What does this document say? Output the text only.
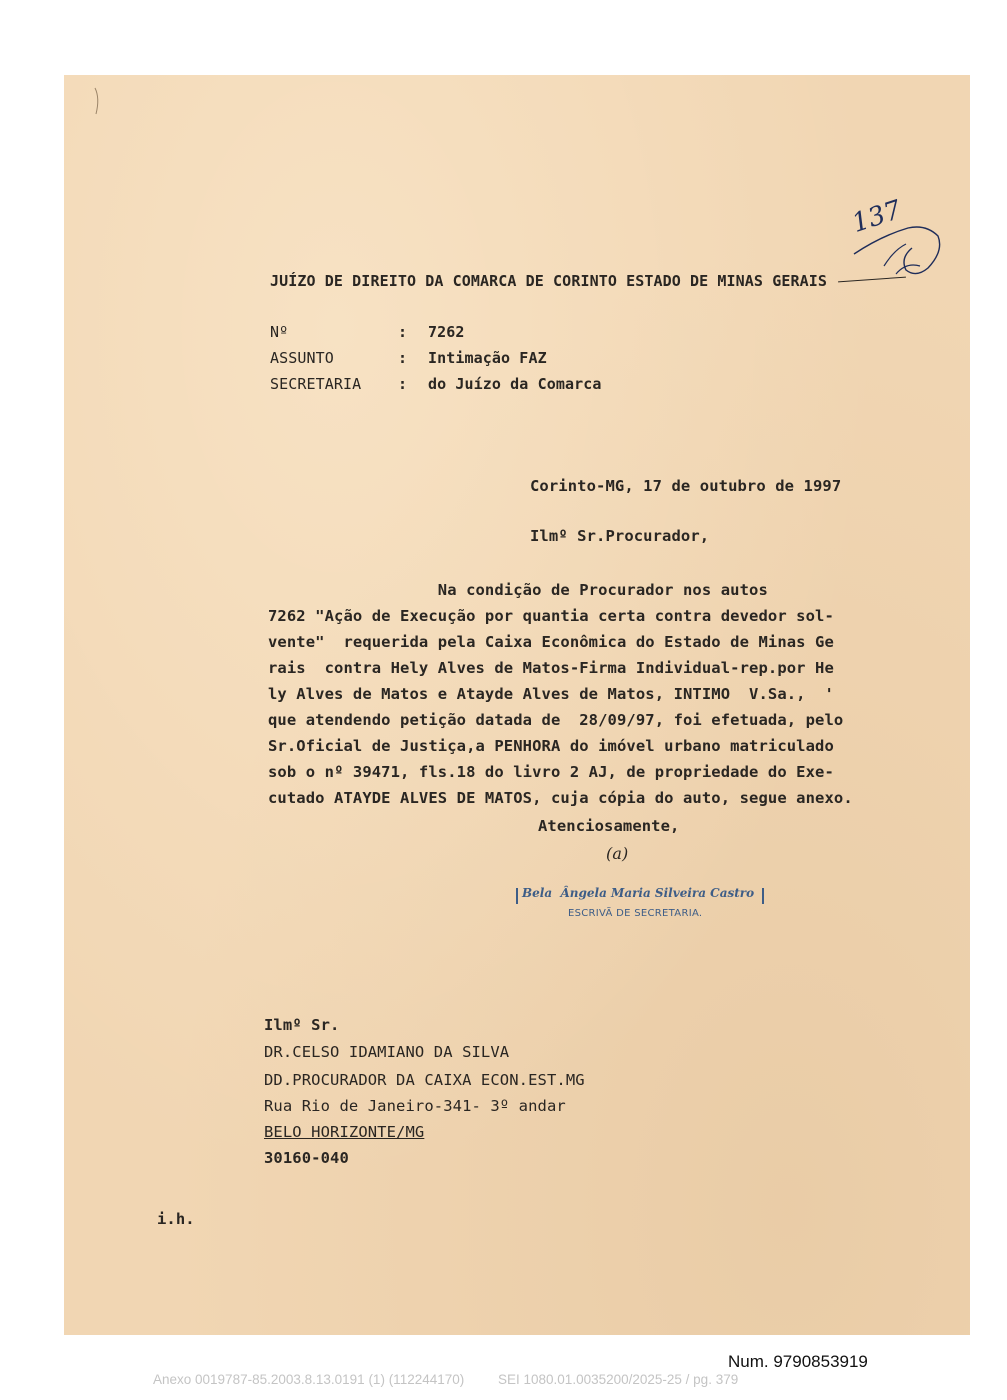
JUÍZO DE DIREITO DA COMARCA DE CORINTO ESTADO DE MINAS GERAIS
137
Nº	: 7262
ASSUNTO	: Intimação FAZ
SECRETARIA : do Juízo da Comarca
Corinto-MG, 17 de outubro de 1997
Ilmº Sr.Procurador,
Na condição de Procurador nos autos
7262 "Ação de Execução por quantia certa contra devedor sol-
vente"  requerida pela Caixa Econômica do Estado de Minas Ge
rais  contra Hely Alves de Matos-Firma Individual-rep.por He
ly Alves de Matos e Atayde Alves de Matos, INTIMO  V.Sa.,  '
que atendendo petição datada de  28/09/97, foi efetuada, pelo
Sr.Oficial de Justiça,a PENHORA do imóvel urbano matriculado
sob o nº 39471, fls.18 do livro 2 AJ, de propriedade do Exe-
cutado ATAYDE ALVES DE MATOS, cuja cópia do auto, segue anexo.
Atenciosamente,
(a)
Bela  Ângela Maria Silveira Castro
ESCRIVÃ DE SECRETARIA.
Ilmº Sr.
DR.CELSO IDAMIANO DA SILVA
DD.PROCURADOR DA CAIXA ECON.EST.MG
Rua Rio de Janeiro-341- 3º andar
BELO HORIZONTE/MG
30160-040
i.h.
Num. 9790853919
Anexo 0019787-85.2003.8.13.0191 (1) (112244170)         SEI 1080.01.0035200/2025-25 / pg. 379
